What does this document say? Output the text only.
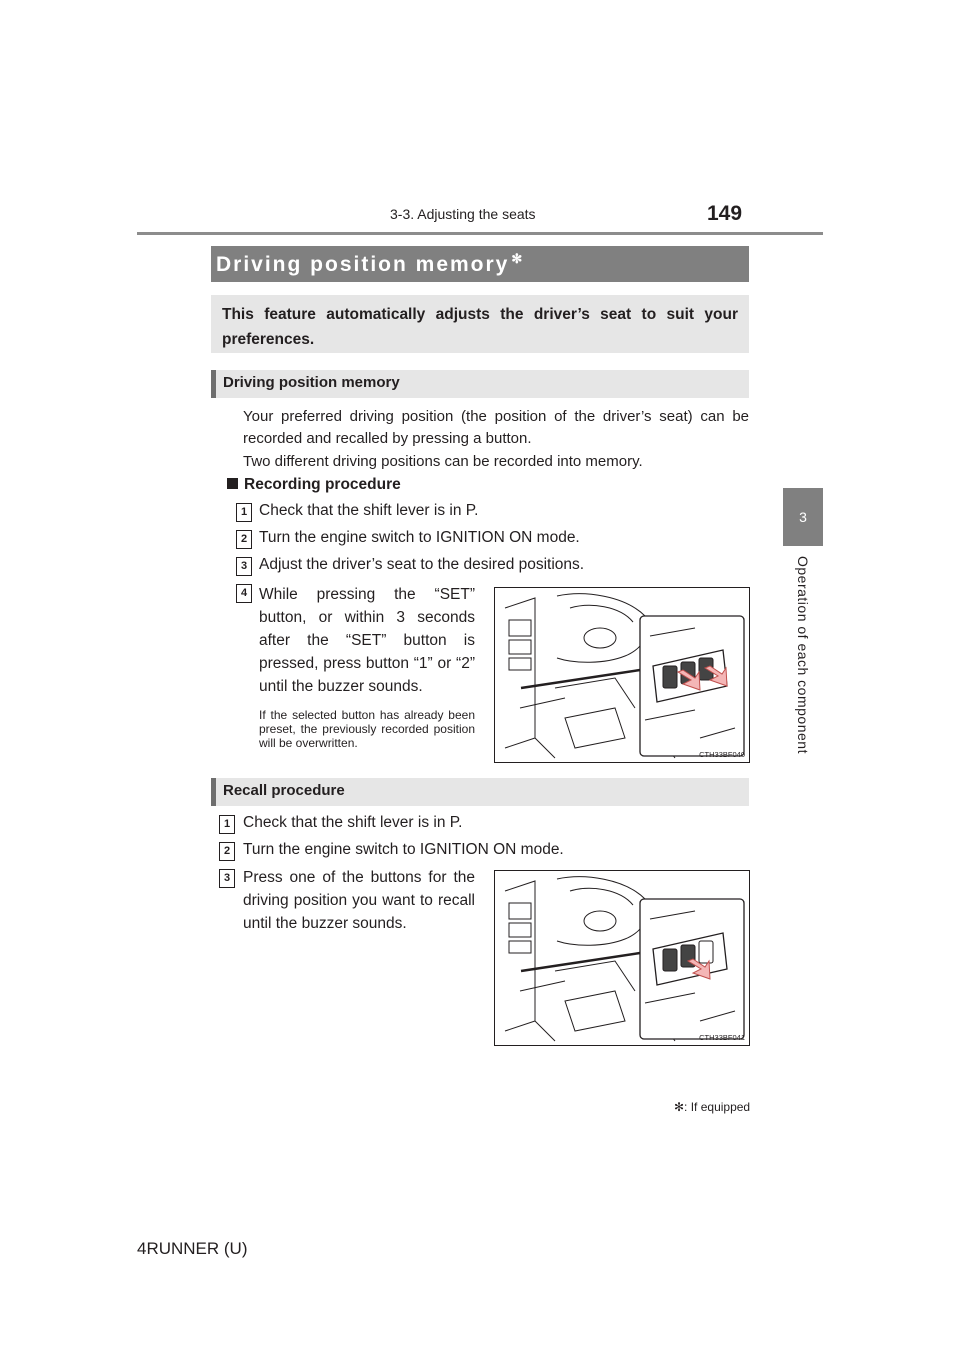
3-3. Adjusting the seats	149
3
Operation of each component
Driving position memory ✻
This feature automatically adjusts the driver’s seat to suit your preferences.
Driving position memory
Your preferred driving position (the position of the driver’s seat) can be recorded and recalled by pressing a button.
Two different driving positions can be recorded into memory.
Recording procedure
1 Check that the shift lever is in P.
2 Turn the engine switch to IGNITION ON mode.
3 Adjust the driver’s seat to the desired positions.
4 While pressing the “SET” button, or within 3 seconds after the “SET” button is pressed, press button “1” or “2” until the buzzer sounds.
If the selected button has already been preset, the previously recorded position will be overwritten.
CTH33BF040
Recall procedure
1 Check that the shift lever is in P.
2 Turn the engine switch to IGNITION ON mode.
3 Press one of the buttons for the driving position you want to recall until the buzzer sounds.
CTH33BF041
✻: If equipped
4RUNNER (U)
